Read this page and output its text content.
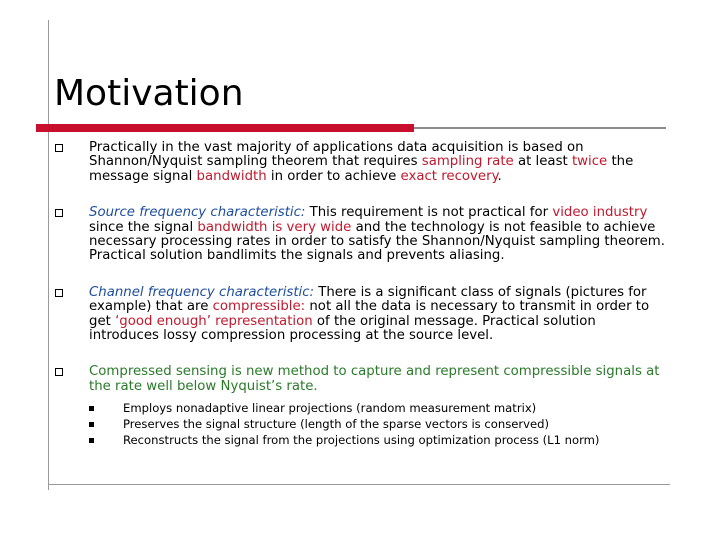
Motivation
Practically in the vast majority of applications data acquisition is based on Shannon/Nyquist sampling theorem that requires sampling rate at least twice the message signal bandwidth in order to achieve exact recovery.
Source frequency characteristic: This requirement is not practical for video industry since the signal bandwidth is very wide and the technology is not feasible to achieve necessary processing rates in order to satisfy the Shannon/Nyquist sampling theorem. Practical solution bandlimits the signals and prevents aliasing.
Channel frequency characteristic: There is a significant class of signals (pictures for example) that are compressible: not all the data is necessary to transmit in order to get ‘good enough’ representation of the original message. Practical solution introduces lossy compression processing at the source level.
Compressed sensing is new method to capture and represent compressible signals at the rate well below Nyquist’s rate.
Employs nonadaptive linear projections (random measurement matrix)
Preserves the signal structure (length of the sparse vectors is conserved)
Reconstructs the signal from the projections using optimization process (L1 norm)
